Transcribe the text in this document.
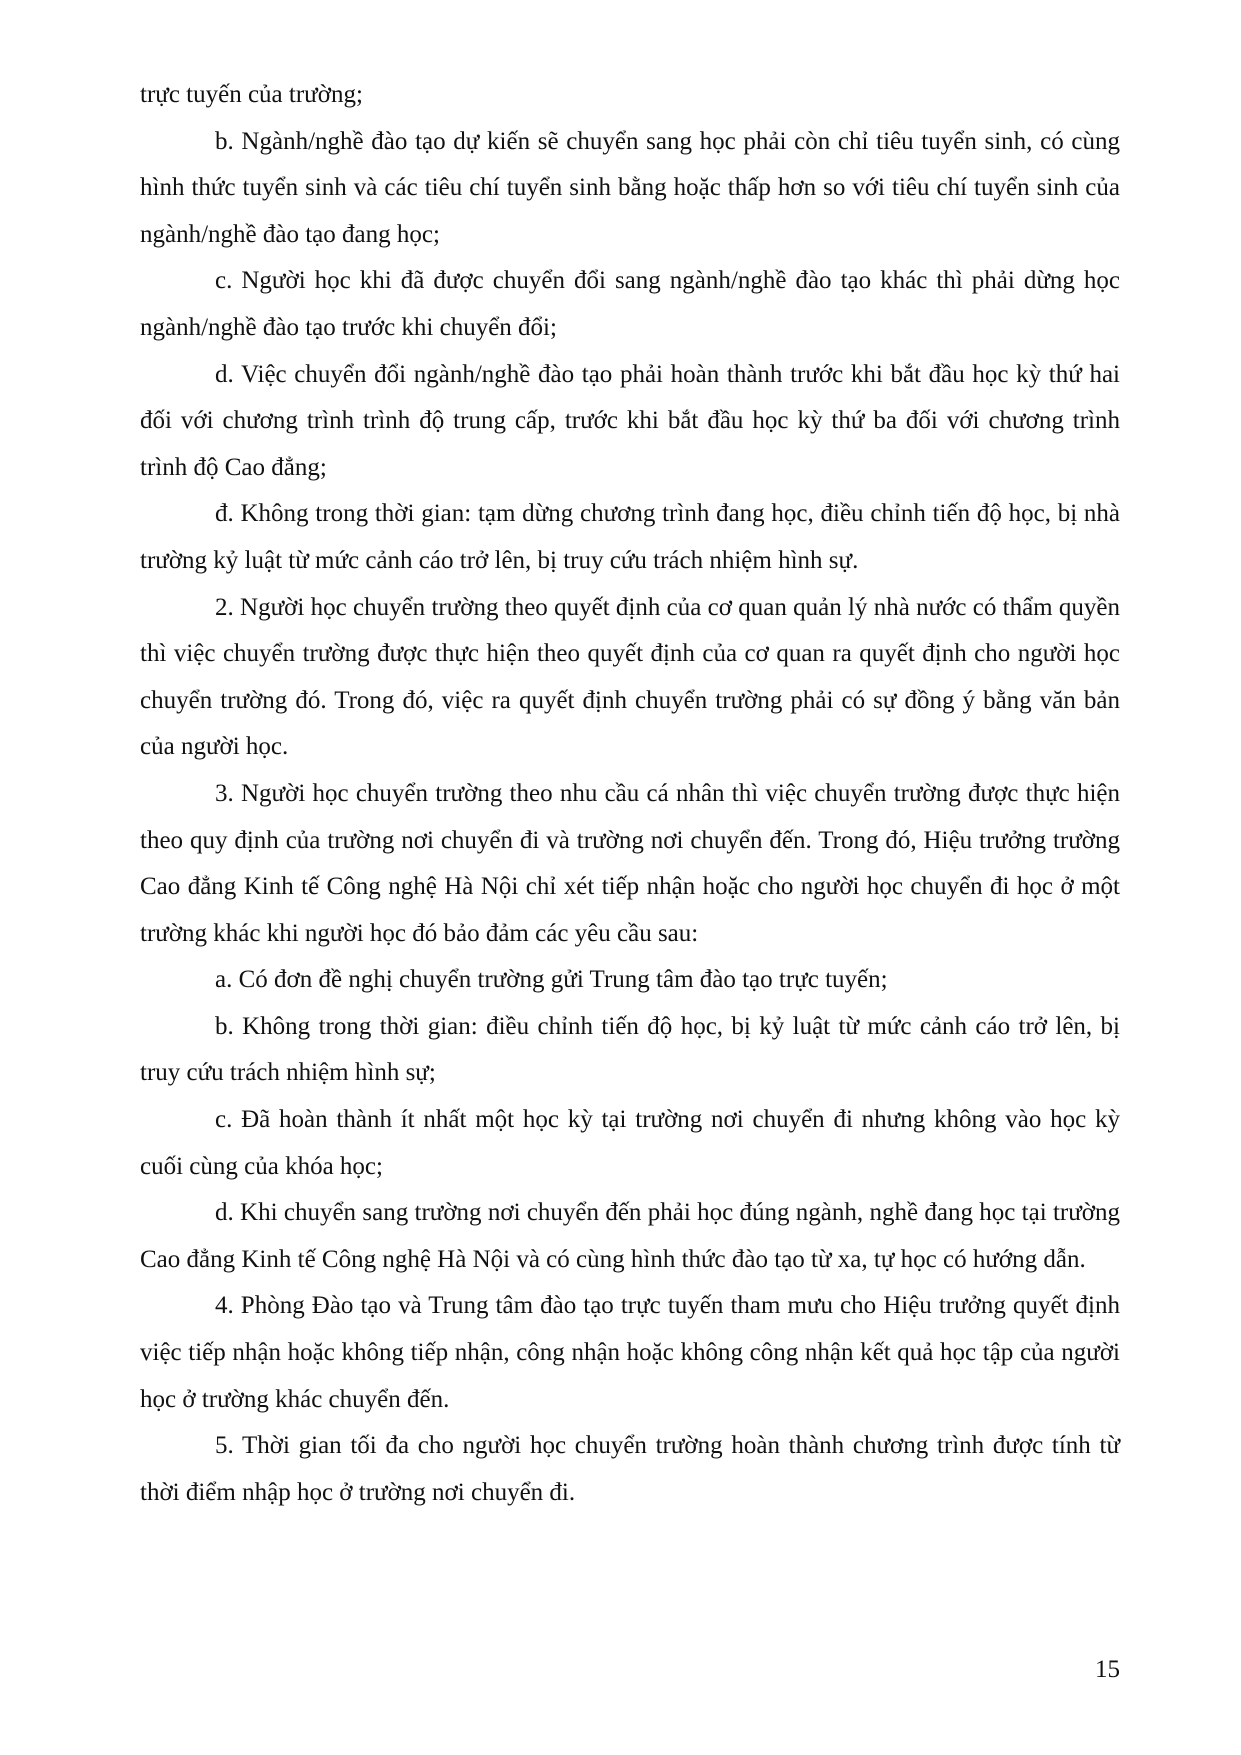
trực tuyến của trường;

b. Ngành/nghề đào tạo dự kiến sẽ chuyển sang học phải còn chỉ tiêu tuyển sinh, có cùng hình thức tuyển sinh và các tiêu chí tuyển sinh bằng hoặc thấp hơn so với tiêu chí tuyển sinh của ngành/nghề đào tạo đang học;

c. Người học khi đã được chuyển đổi sang ngành/nghề đào tạo khác thì phải dừng học ngành/nghề đào tạo trước khi chuyển đổi;

d. Việc chuyển đổi ngành/nghề đào tạo phải hoàn thành trước khi bắt đầu học kỳ thứ hai đối với chương trình trình độ trung cấp, trước khi bắt đầu học kỳ thứ ba đối với chương trình trình độ Cao đẳng;

đ. Không trong thời gian: tạm dừng chương trình đang học, điều chỉnh tiến độ học, bị nhà trường kỷ luật từ mức cảnh cáo trở lên, bị truy cứu trách nhiệm hình sự.

2. Người học chuyển trường theo quyết định của cơ quan quản lý nhà nước có thẩm quyền thì việc chuyển trường được thực hiện theo quyết định của cơ quan ra quyết định cho người học chuyển trường đó. Trong đó, việc ra quyết định chuyển trường phải có sự đồng ý bằng văn bản của người học.

3. Người học chuyển trường theo nhu cầu cá nhân thì việc chuyển trường được thực hiện theo quy định của trường nơi chuyển đi và trường nơi chuyển đến. Trong đó, Hiệu trưởng trường Cao đẳng Kinh tế Công nghệ Hà Nội chỉ xét tiếp nhận hoặc cho người học chuyển đi học ở một trường khác khi người học đó bảo đảm các yêu cầu sau:

a. Có đơn đề nghị chuyển trường gửi Trung tâm đào tạo trực tuyến;

b. Không trong thời gian: điều chỉnh tiến độ học, bị kỷ luật từ mức cảnh cáo trở lên, bị truy cứu trách nhiệm hình sự;

c. Đã hoàn thành ít nhất một học kỳ tại trường nơi chuyển đi nhưng không vào học kỳ cuối cùng của khóa học;

d. Khi chuyển sang trường nơi chuyển đến phải học đúng ngành, nghề đang học tại trường Cao đẳng Kinh tế Công nghệ Hà Nội và có cùng hình thức đào tạo từ xa, tự học có hướng dẫn.

4. Phòng Đào tạo và Trung tâm đào tạo trực tuyến tham mưu cho Hiệu trưởng quyết định việc tiếp nhận hoặc không tiếp nhận, công nhận hoặc không công nhận kết quả học tập của người học ở trường khác chuyển đến.

5. Thời gian tối đa cho người học chuyển trường hoàn thành chương trình được tính từ thời điểm nhập học ở trường nơi chuyển đi.

15
